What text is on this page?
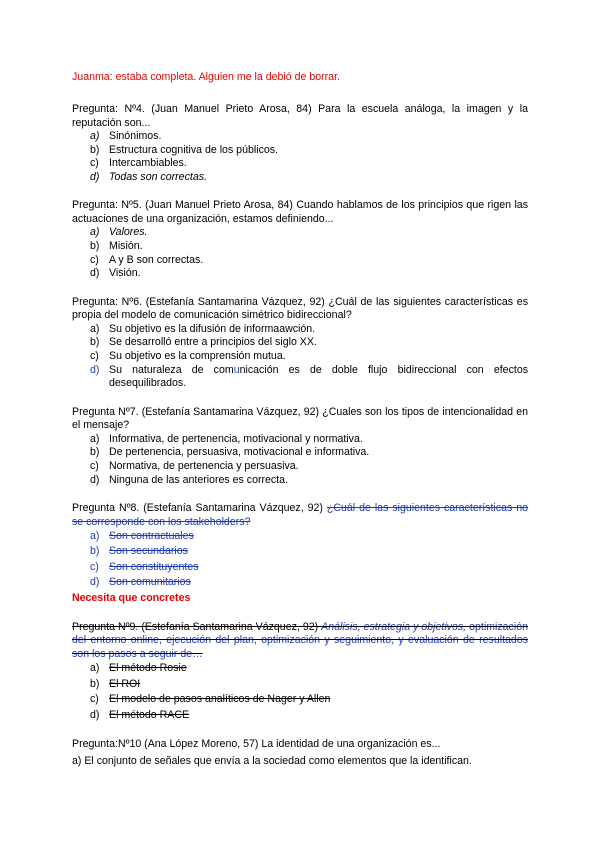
Juanma: estaba completa. Alguien me la debió de borrar.

Pregunta: Nº4. (Juan Manuel Prieto Arosa, 84) Para la escuela análoga, la imagen y la reputación son...

a) Sinónimos.
b) Estructura cognitiva de los públicos.
c) Intercambiables.
d) Todas son correctas.

Pregunta: Nº5. (Juan Manuel Prieto Arosa, 84) Cuando hablamos de los principios que rigen las actuaciones de una organización, estamos definiendo...

a) Valores.
b) Misión.
c) A y B son correctas.
d) Visión.

Pregunta: Nº6. (Estefanía Santamarina Vázquez, 92) ¿Cuál de las siguientes características es propia del modelo de comunicación simétrico bidireccional?

a) Su objetivo es la difusión de informaawción.
b) Se desarrolló entre a principios del siglo XX.
c) Su objetivo es la comprensión mutua.
d) Su naturaleza de comunicación es de doble flujo bidireccional con efectos desequilibrados.

Pregunta Nº7. (Estefanía Santamarina Vázquez, 92) ¿Cuales son los tipos de intencionalidad en el mensaje?

a) Informativa, de pertenencia, motivacional y normativa.
b) De pertenencia, persuasiva, motivacional e informativa.
c) Normativa, de pertenencia y persuasiva.
d) Ninguna de las anteriores es correcta.

Pregunta Nº8. (Estefanía Santamarina Vázquez, 92) ¿Cuál de las siguientes características no se corresponde con los stakeholders?

a) Son contractuales
b) Son secundarios
c) Son constituyentes
d) Son comunitarios
Necesita que concretes

Pregunta Nº9. (Estefanía Santamarina Vázquez, 92) Análisis, estrategia y objetivos, optimización del entorno online, ejecución del plan, optimización y seguimiento, y evaluación de resultados son los pasos a seguir de…

a) El método Rosie
b) El ROI
c) El modelo de pasos analíticos de Nager y Allen
d) El método RACE

Pregunta:Nº10 (Ana López Moreno, 57) La identidad de una organización es...

a) El conjunto de señales que envía a la sociedad como elementos que la identifican.
